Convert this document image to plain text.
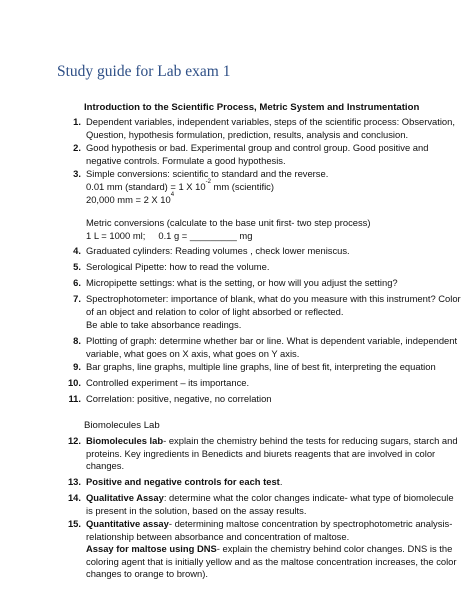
Study guide for Lab exam 1
Introduction to the Scientific Process, Metric System and Instrumentation
1. Dependent variables, independent variables, steps of the scientific process: Observation, Question, hypothesis formulation, prediction, results, analysis and conclusion.
2. Good hypothesis or bad. Experimental group and control group. Good positive and negative controls. Formulate a good hypothesis.
3. Simple conversions: scientific to standard and the reverse.
0.01 mm (standard) = 1 X $10^{-2}$ mm (scientific)
20,000 mm = 2 X $10^4$
Metric conversions (calculate to the base unit first- two step process)
1 L = 1000 ml;     0.1 g = _________ mg
4. Graduated cylinders: Reading volumes , check lower meniscus.
5. Serological Pipette: how to read the volume.
6. Micropipette settings: what is the setting, or how will you adjust the setting?
7. Spectrophotometer: importance of blank, what do you measure with this instrument? Color of an object and relation to color of light absorbed or reflected.
Be able to take absorbance readings.
8. Plotting of graph: determine whether bar or line. What is dependent variable, independent variable, what goes on X axis, what goes on Y axis.
9. Bar graphs, line graphs, multiple line graphs, line of best fit, interpreting the equation
10. Controlled experiment – its importance.
11. Correlation: positive, negative, no correlation
Biomolecules Lab
12. Biomolecules lab- explain the chemistry behind the tests for reducing sugars, starch and proteins. Key ingredients in Benedicts and biurets reagents that are involved in color changes.
13. Positive and negative controls for each test.
14. Qualitative Assay: determine what the color changes indicate- what type of biomolecule is present in the solution, based on the assay results.
15. Quantitative assay- determining maltose concentration by spectrophotometric analysis- relationship between absorbance and concentration of maltose.
Assay for maltose using DNS- explain the chemistry behind color changes. DNS is the coloring agent that is initially yellow and as the maltose concentration increases, the color changes to orange to brown).
